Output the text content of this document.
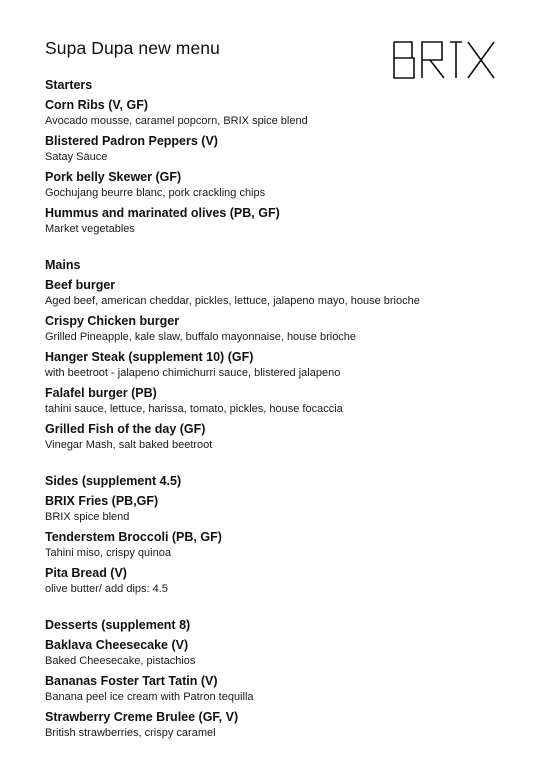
Supa Dupa new menu
Starters
Corn Ribs (V, GF)
Avocado mousse, caramel popcorn, BRIX spice blend
Blistered Padron Peppers (V)
Satay Sauce
Pork belly Skewer (GF)
Gochujang beurre blanc, pork crackling chips
Hummus and marinated olives (PB, GF)
Market vegetables
Mains
Beef burger
Aged beef, american cheddar, pickles, lettuce, jalapeno mayo, house brioche
Crispy Chicken burger
Grilled Pineapple, kale slaw, buffalo mayonnaise, house brioche
Hanger Steak (supplement 10) (GF)
with beetroot - jalapeno chimichurri sauce, blistered jalapeno
Falafel burger (PB)
tahini sauce, lettuce, harissa, tomato, pickles, house focaccia
Grilled Fish of the day (GF)
Vinegar Mash, salt baked beetroot
Sides (supplement 4.5)
BRIX Fries (PB,GF)
BRIX spice blend
Tenderstem Broccoli (PB, GF)
Tahini miso, crispy quinoa
Pita Bread (V)
olive butter/ add dips: 4.5
Desserts (supplement 8)
Baklava Cheesecake (V)
Baked Cheesecake, pistachios
Bananas Foster Tart Tatin (V)
Banana peel ice cream with Patron tequilla
Strawberry Creme Brulee (GF, V)
British strawberries, crispy caramel
